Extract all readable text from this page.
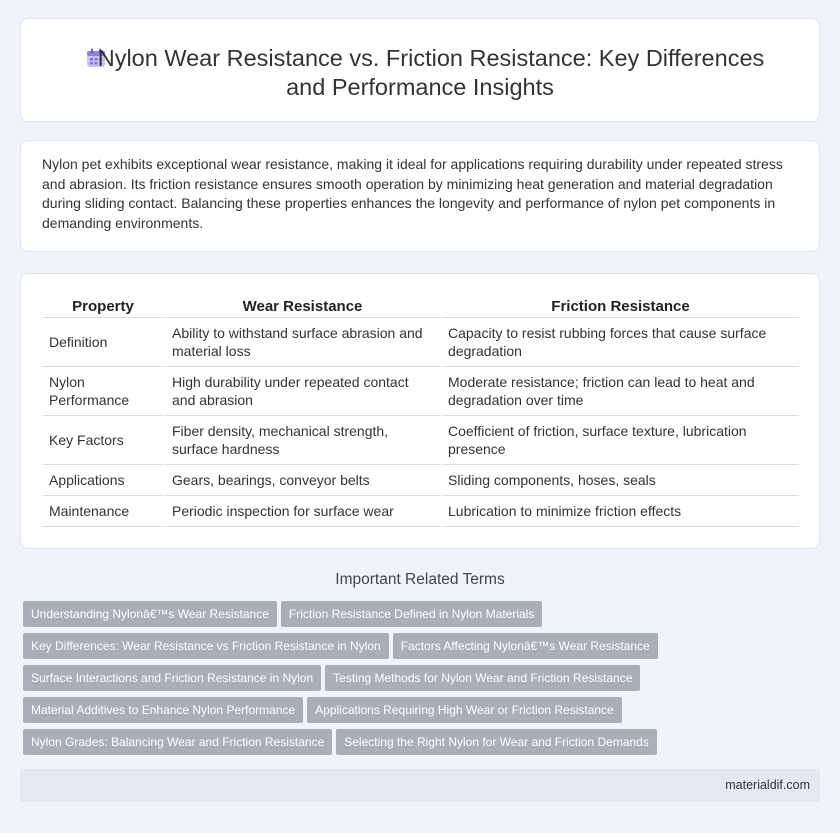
Nylon Wear Resistance vs. Friction Resistance: Key Differences
and Performance Insights

Nylon pet exhibits exceptional wear resistance, making it ideal for applications requiring durability under repeated stress and abrasion. Its friction resistance ensures smooth operation by minimizing heat generation and material degradation during sliding contact. Balancing these properties enhances the longevity and performance of nylon pet components in demanding environments.

Property	Wear Resistance	Friction Resistance
Definition	Ability to withstand surface abrasion and material loss	Capacity to resist rubbing forces that cause surface degradation
Nylon Performance	High durability under repeated contact and abrasion	Moderate resistance; friction can lead to heat and degradation over time
Key Factors	Fiber density, mechanical strength, surface hardness	Coefficient of friction, surface texture, lubrication presence
Applications	Gears, bearings, conveyor belts	Sliding components, hoses, seals
Maintenance	Periodic inspection for surface wear	Lubrication to minimize friction effects
Important Related Terms
Understanding Nylonâ€™s Wear Resistance Friction Resistance Defined in Nylon Materials
Key Differences: Wear Resistance vs Friction Resistance in Nylon Factors Affecting Nylonâ€™s Wear Resistance
Surface Interactions and Friction Resistance in Nylon Testing Methods for Nylon Wear and Friction Resistance
Material Additives to Enhance Nylon Performance Applications Requiring High Wear or Friction Resistance
Nylon Grades: Balancing Wear and Friction Resistance Selecting the Right Nylon for Wear and Friction Demands
materialdif.com
